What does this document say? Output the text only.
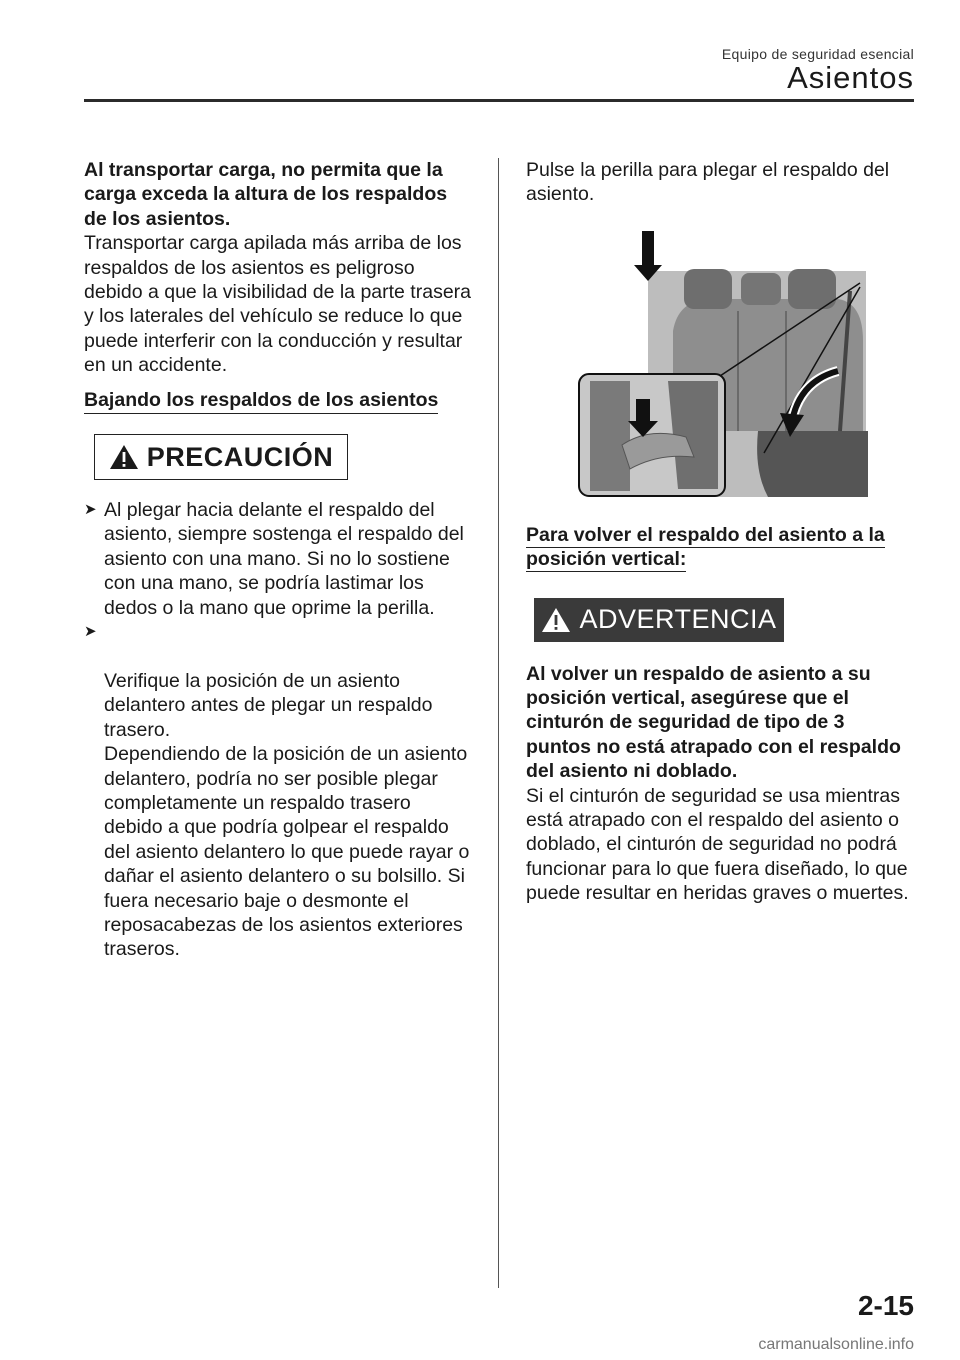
Equipo de seguridad esencial
Asientos

Al transportar carga, no permita que la carga exceda la altura de los respaldos de los asientos.

Transportar carga apilada más arriba de los respaldos de los asientos es peligroso debido a que la visibilidad de la parte trasera y los laterales del vehículo se reduce lo que puede interferir con la conducción y resultar en un accidente.

Bajando los respaldos de los asientos
PRECAUCIÓN
➤ Al plegar hacia delante el respaldo del asiento, siempre sostenga el respaldo del asiento con una mano. Si no lo sostiene con una mano, se podría lastimar los dedos o la mano que oprime la perilla.

➤

Verifique la posición de un asiento delantero antes de plegar un respaldo trasero.
Dependiendo de la posición de un asiento delantero, podría no ser posible plegar completamente un respaldo trasero debido a que podría golpear el respaldo del asiento delantero lo que puede rayar o dañar el asiento delantero o su bolsillo. Si fuera necesario baje o desmonte el reposacabezas de los asientos exteriores traseros.

Pulse la perilla para plegar el respaldo del asiento.

Para volver el respaldo del asiento a la posición vertical:

ADVERTENCIA

Al volver un respaldo de asiento a su posición vertical, asegúrese que el cinturón de seguridad de tipo de 3 puntos no está atrapado con el respaldo del asiento ni doblado.

Si el cinturón de seguridad se usa mientras está atrapado con el respaldo del asiento o doblado, el cinturón de seguridad no podrá funcionar para lo que fuera diseñado, lo que puede resultar en heridas graves o muertes.

2-15
carmanualsonline.info
